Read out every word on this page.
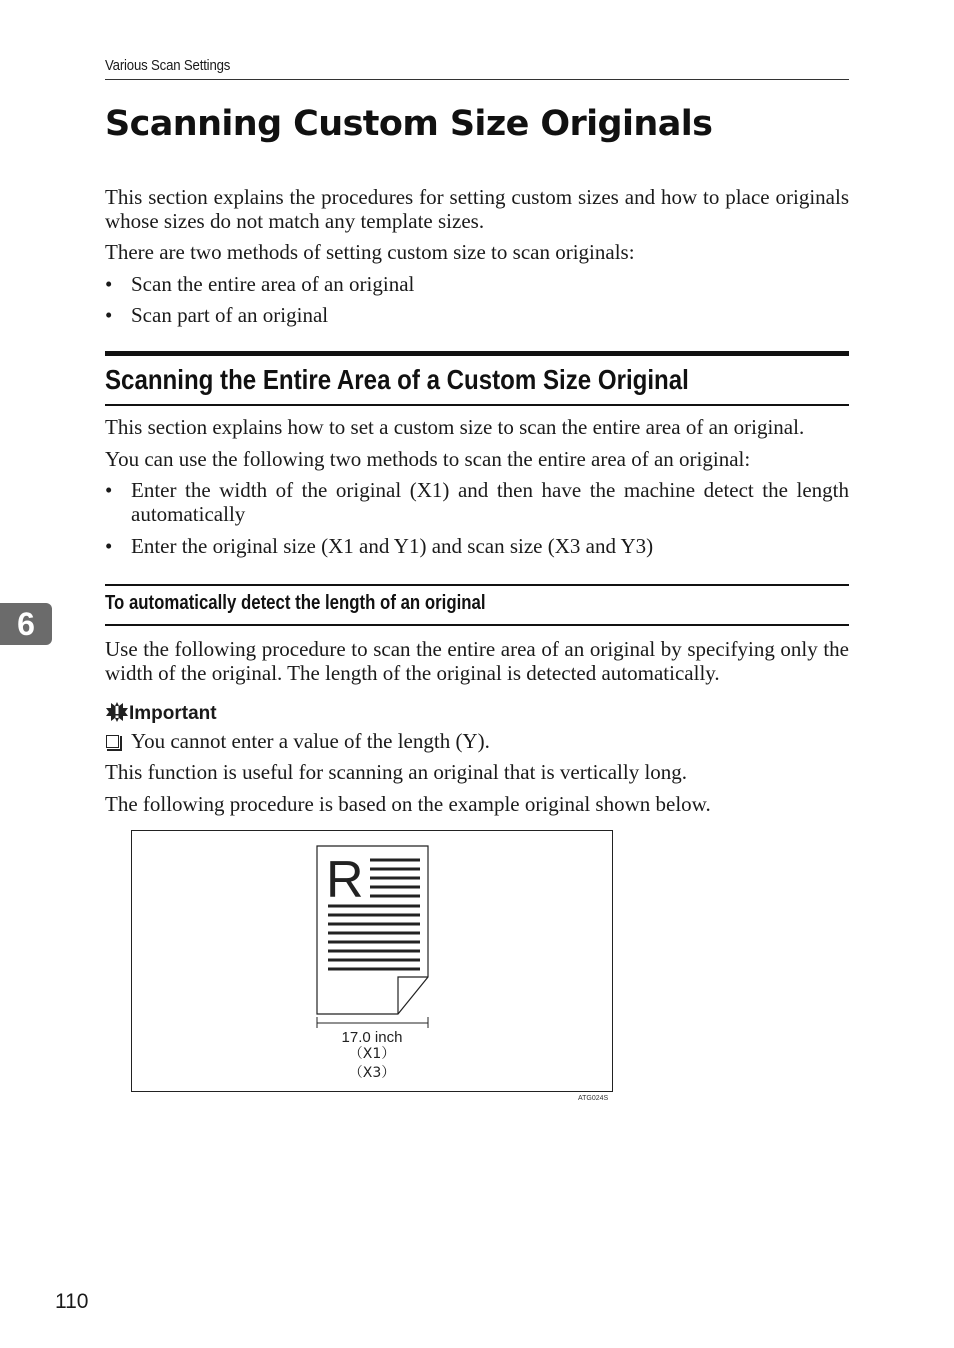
Various Scan Settings
6
Scanning Custom Size Originals

This section explains the procedures for setting custom sizes and how to place originals whose sizes do not match any template sizes.

There are two methods of setting custom size to scan originals:

• Scan the entire area of an original
• Scan part of an original
Scanning the Entire Area of a Custom Size Original

This section explains how to set a custom size to scan the entire area of an original.

You can use the following two methods to scan the entire area of an original:

• Enter the width of the original (X1) and then have the machine detect the length automatically
• Enter the original size (X1 and Y1) and scan size (X3 and Y3)
To automatically detect the length of an original

Use the following procedure to scan the entire area of an original by specifying only the width of the original. The length of the original is detected automatically.

Important
You cannot enter a value of the length (Y).

This function is useful for scanning an original that is vertically long.

The following procedure is based on the example original shown below.

R
17.0 inch
（X1）
（X3）
ATG024S
110
